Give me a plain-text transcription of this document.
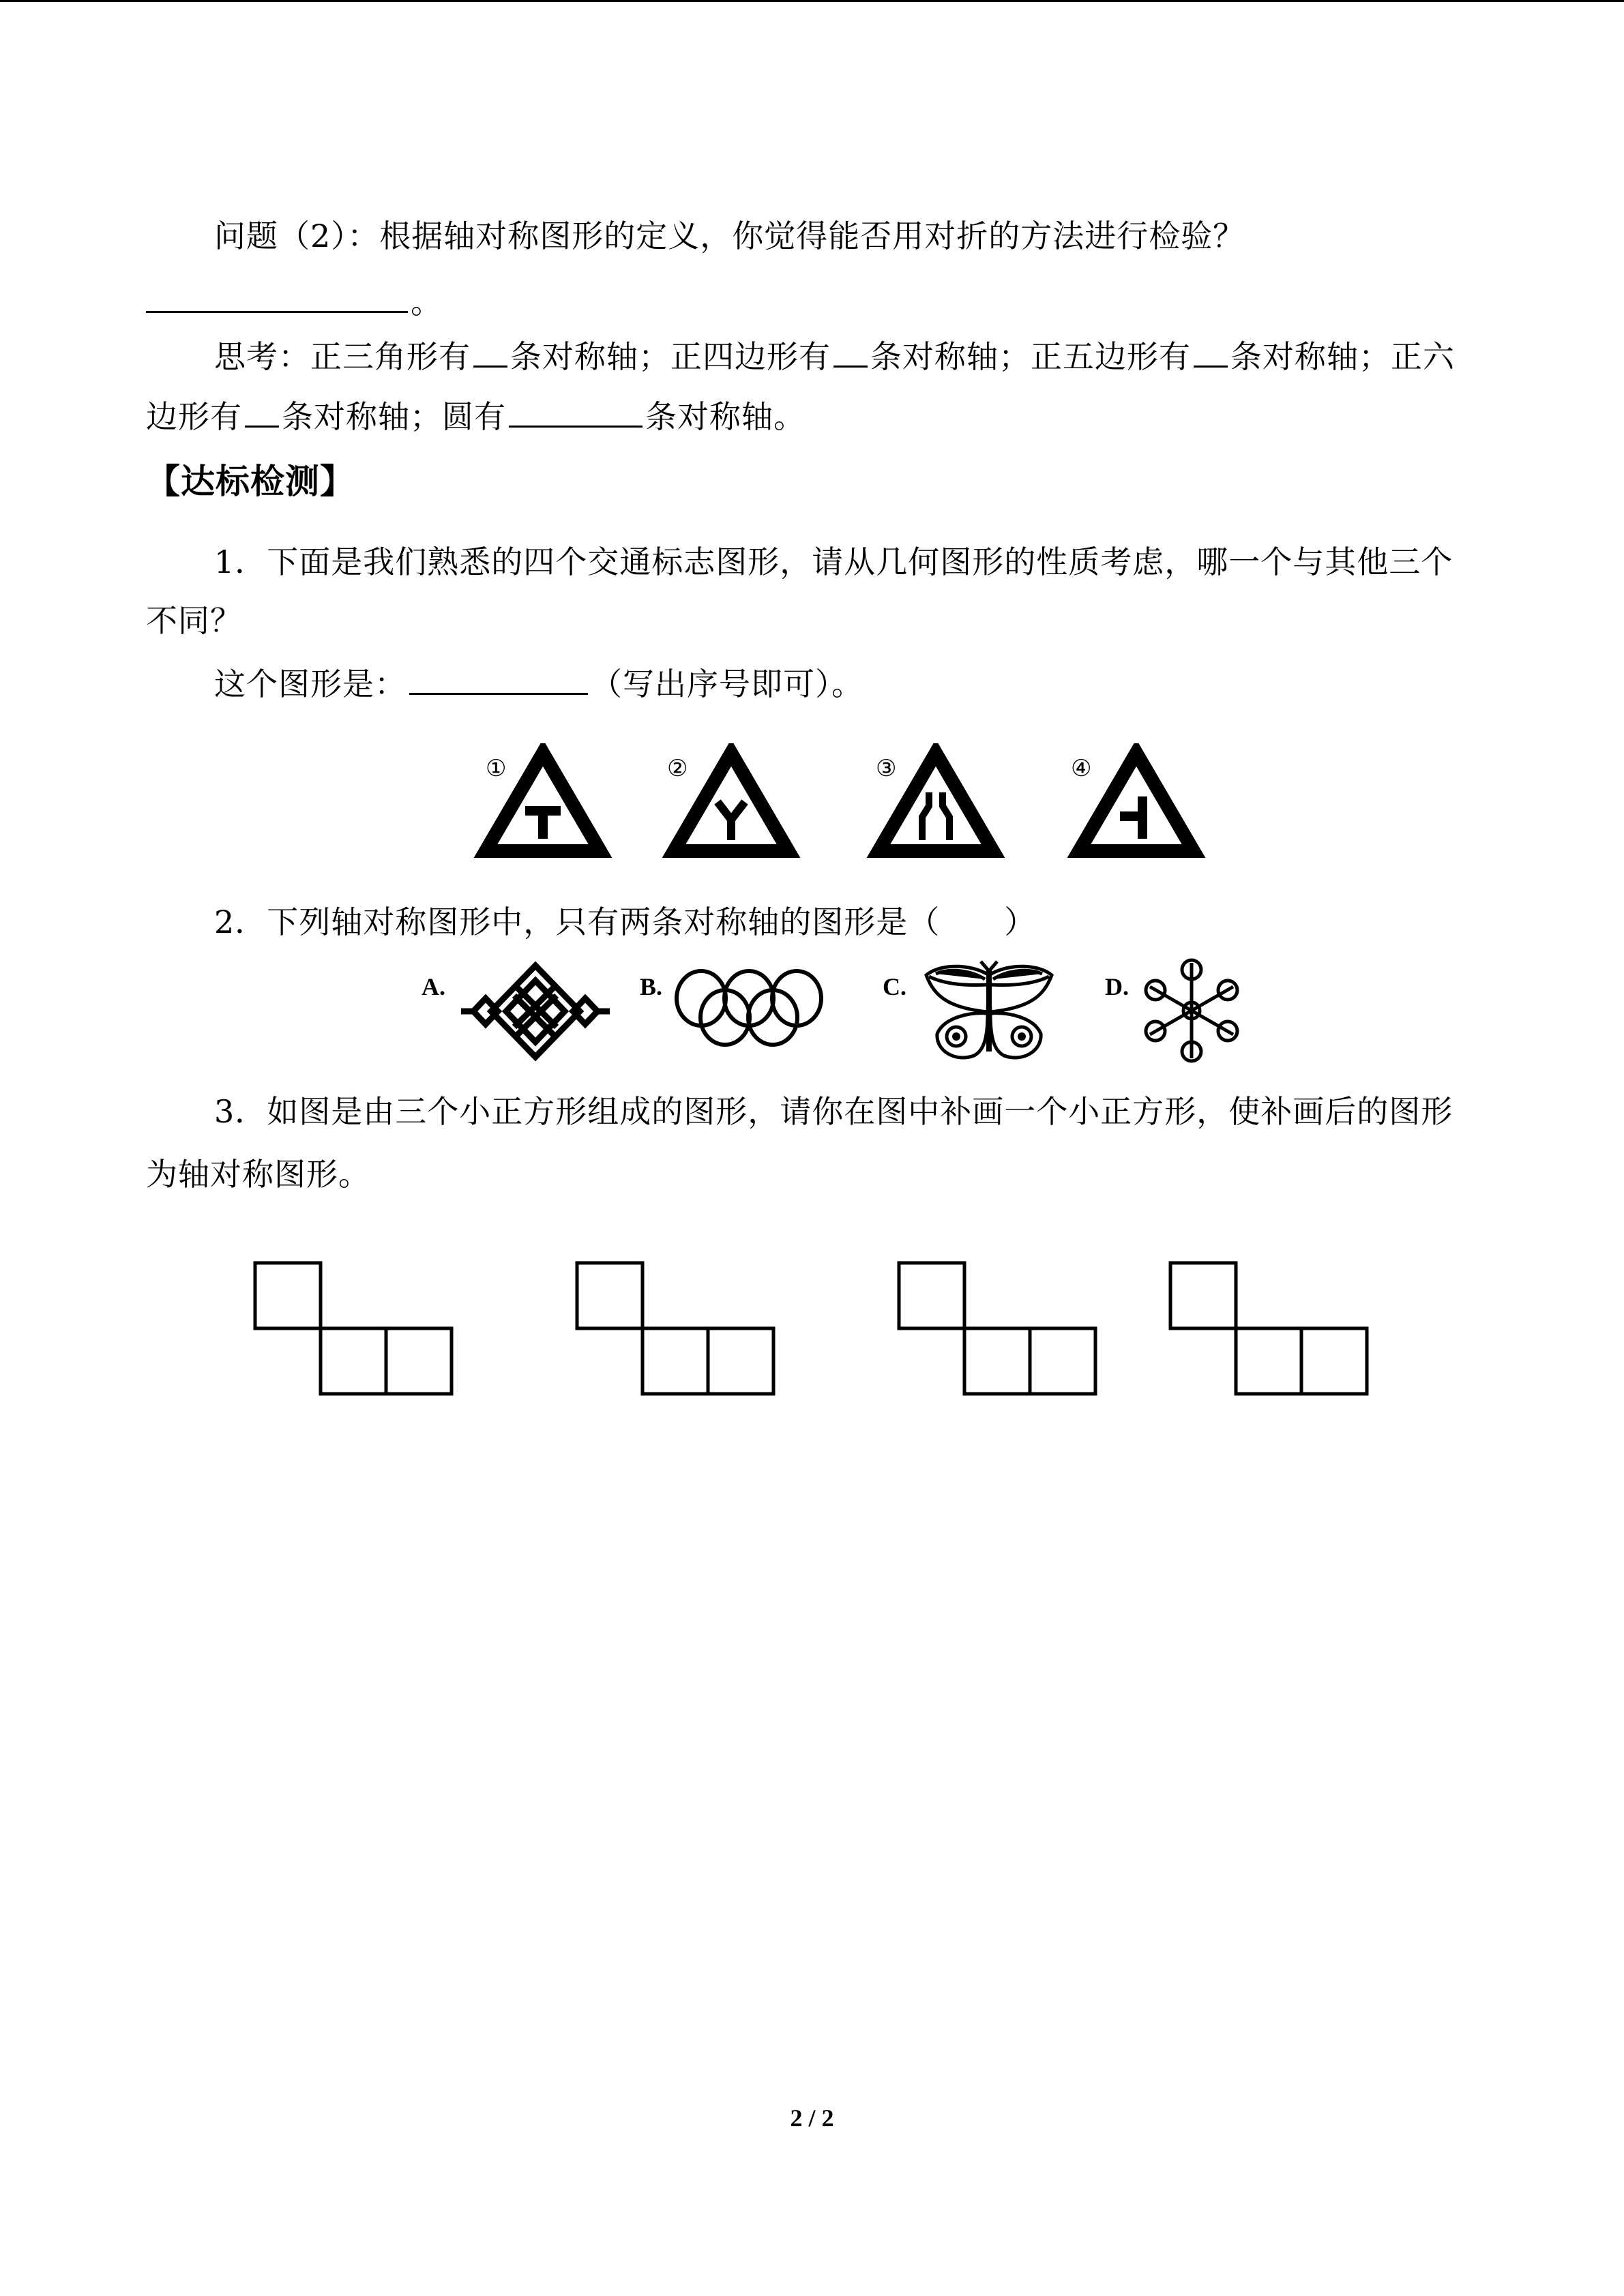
问题（2）：根据轴对称图形的定义，你觉得能否用对折的方法进行检验？
。
思考：正三角形有 条对称轴；正四边形有 条对称轴；正五边形有 条对称轴；正六
边形有 条对称轴；圆有	条对称轴。
【达标检测】
1．下面是我们熟悉的四个交通标志图形，请从几何图形的性质考虑，哪一个与其他三个
不同？
这个图形是：	（写出序号即可）。
①	②	③	④
2．下列轴对称图形中，只有两条对称轴的图形是（　　）
A.	B.	C.	D.
3．如图是由三个小正方形组成的图形，请你在图中补画一个小正方形，使补画后的图形
为轴对称图形。
2 / 2
